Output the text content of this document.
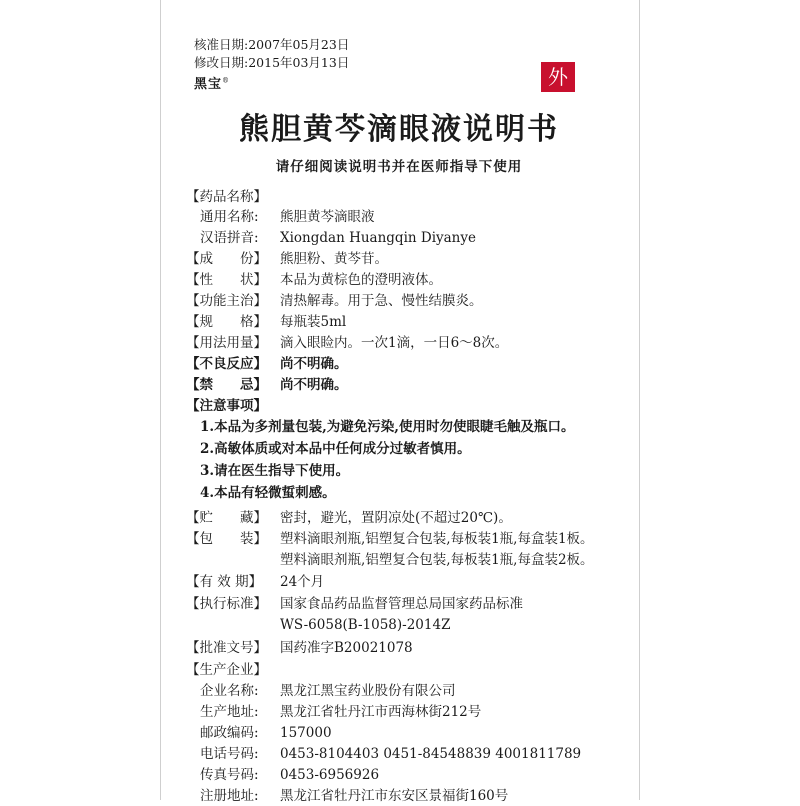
核准日期:2007年05月23日
修改日期:2015年03月13日
黑宝®	外
熊胆黄芩滴眼液说明书
请仔细阅读说明书并在医师指导下使用
【药品名称】
通用名称: 熊胆黄芩滴眼液
汉语拼音: Xiongdan Huangqin Diyanye
【成　　份】 熊胆粉、黄芩苷。
【性　　状】 本品为黄棕色的澄明液体。
【功能主治】 清热解毒。用于急、慢性结膜炎。
【规　　格】 每瓶装5ml
【用法用量】 滴入眼睑内。一次1滴，一日6～8次。
【不良反应】 尚不明确。
【禁　　忌】 尚不明确。
【注意事项】
1.本品为多剂量包装,为避免污染,使用时勿使眼睫毛触及瓶口。
2.高敏体质或对本品中任何成分过敏者慎用。
3.请在医生指导下使用。
4.本品有轻微蜇刺感。
【贮　　藏】 密封，避光，置阴凉处(不超过20℃)。
【包　　装】 塑料滴眼剂瓶,铝塑复合包装,每板装1瓶,每盒装1板。
塑料滴眼剂瓶,铝塑复合包装,每板装1瓶,每盒装2板。
【有 效 期】 24个月
【执行标准】 国家食品药品监督管理总局国家药品标准
WS-6058(B-1058)-2014Z
【批准文号】 国药准字B20021078
【生产企业】
企业名称: 黑龙江黑宝药业股份有限公司
生产地址: 黑龙江省牡丹江市西海林街212号
邮政编码: 157000
电话号码: 0453-8104403 0451-84548839 4001811789
传真号码: 0453-6956926
注册地址: 黑龙江省牡丹江市东安区景福街160号
